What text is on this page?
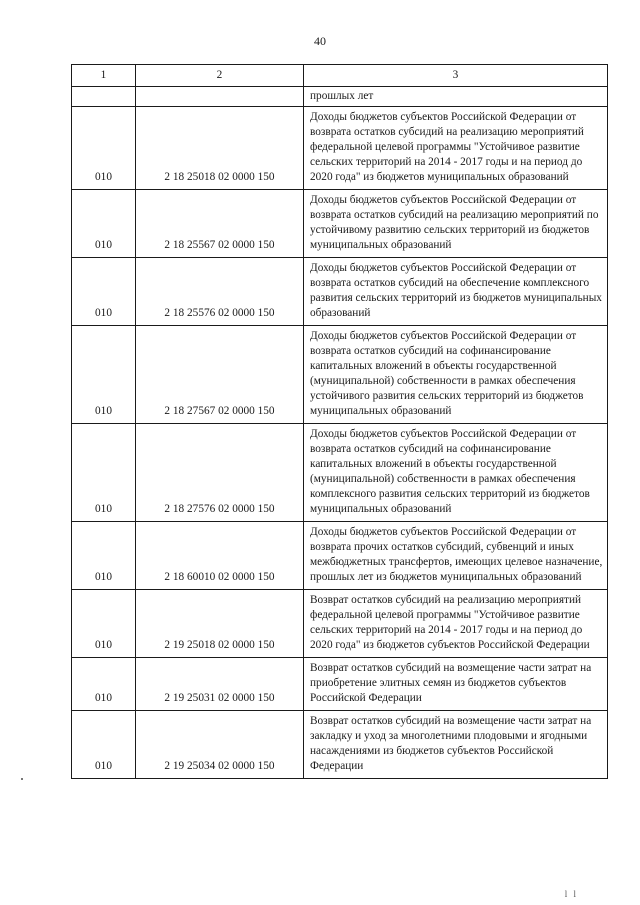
40
1	2	3
		прошлых лет
010	2 18 25018 02 0000 150	Доходы бюджетов субъектов Российской Федерации от возврата остатков субсидий на реализацию мероприятий федеральной целевой программы "Устойчивое развитие сельских территорий на 2014 - 2017 годы и на период до 2020 года" из бюджетов муниципальных образований
010	2 18 25567 02 0000 150	Доходы бюджетов субъектов Российской Федерации от возврата остатков субсидий на реализацию мероприятий по устойчивому развитию сельских территорий из бюджетов муниципальных образований
010	2 18 25576 02 0000 150	Доходы бюджетов субъектов Российской Федерации от возврата остатков субсидий на обеспечение комплексного развития сельских территорий из бюджетов муниципальных образований
010	2 18 27567 02 0000 150	Доходы бюджетов субъектов Российской Федерации от возврата остатков субсидий на софинансирование капитальных вложений в объекты государственной (муниципальной) собственности в рамках обеспечения устойчивого развития сельских территорий из бюджетов муниципальных образований
010	2 18 27576 02 0000 150	Доходы бюджетов субъектов Российской Федерации от возврата остатков субсидий на софинансирование капитальных вложений в объекты государственной (муниципальной) собственности в рамках обеспечения комплексного развития сельских территорий из бюджетов муниципальных образований
010	2 18 60010 02 0000 150	Доходы бюджетов субъектов Российской Федерации от возврата прочих остатков субсидий, субвенций и иных межбюджетных трансфертов, имеющих целевое назначение, прошлых лет из бюджетов муниципальных образований
010	2 19 25018 02 0000 150	Возврат остатков субсидий на реализацию мероприятий федеральной целевой программы "Устойчивое развитие сельских территорий на 2014 - 2017 годы и на период до 2020 года" из бюджетов субъектов Российской Федерации
010	2 19 25031 02 0000 150	Возврат остатков субсидий на возмещение части затрат на приобретение элитных семян из бюджетов субъектов Российской Федерации
010	2 19 25034 02 0000 150	Возврат остатков субсидий на возмещение части затрат на закладку и уход за многолетними плодовыми и ягодными насаждениями из бюджетов субъектов Российской Федерации
l l
